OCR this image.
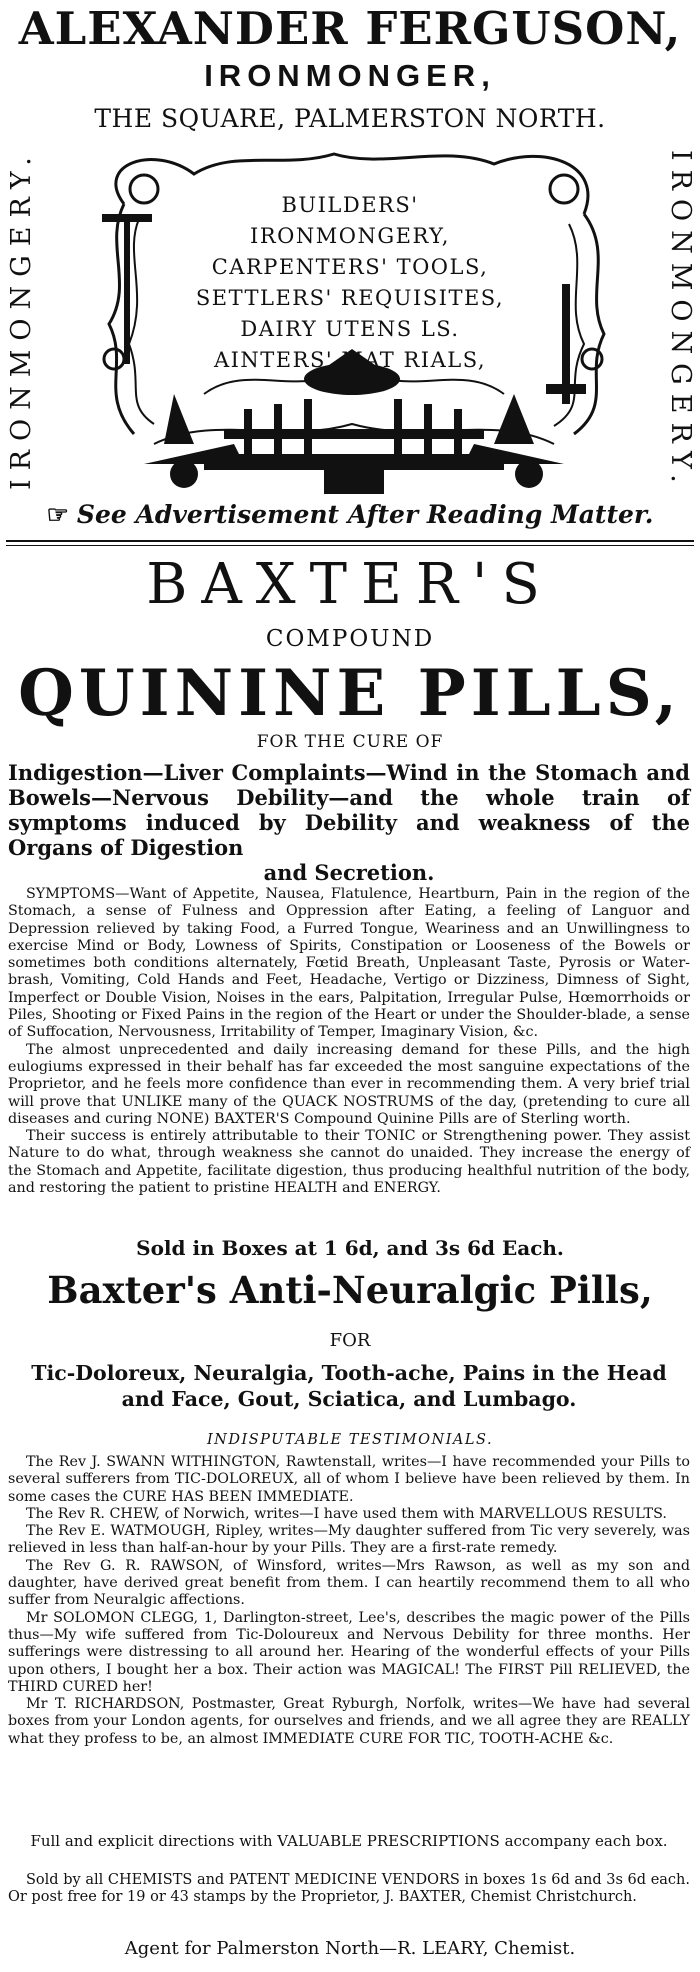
ALEXANDER FERGUSON,
IRONMONGER,
THE SQUARE, PALMERSTON NORTH.
IRONMONGERY.	IRONMONGERY.
BUILDERS' IRONMONGERY,
CARPENTERS' TOOLS,
SETTLERS' REQUISITES,
DAIRY UTENS LS.
AINTERS' MAT RIALS,
☞ See Advertisement After Reading Matter.
BAXTER'S
COMPOUND
QUININE PILLS,
FOR THE CURE OF
Indigestion—Liver Complaints—Wind in the Stomach and Bowels—Nervous Debility—and the whole train of symptoms induced by Debility and weakness of the Organs of Digestion
and Secretion.

SYMPTOMS—Want of Appetite, Nausea, Flatulence, Heartburn, Pain in the region of the Stomach, a sense of Fulness and Oppression after Eating, a feeling of Languor and Depression relieved by taking Food, a Furred Tongue, Weariness and an Unwillingness to exercise Mind or Body, Lowness of Spirits, Constipation or Looseness of the Bowels or sometimes both conditions alternately, Fœtid Breath, Unpleasant Taste, Pyrosis or Water-brash, Vomiting, Cold Hands and Feet, Headache, Vertigo or Dizziness, Dimness of Sight, Imperfect or Double Vision, Noises in the ears, Palpitation, Irregular Pulse, Hœmorrhoids or Piles, Shooting or Fixed Pains in the region of the Heart or under the Shoulder-blade, a sense of Suffocation, Nervousness, Irritability of Temper, Imaginary Vision, &c.

The almost unprecedented and daily increasing demand for these Pills, and the high eulogiums expressed in their behalf has far exceeded the most sanguine expectations of the Proprietor, and he feels more confidence than ever in recommending them. A very brief trial will prove that UNLIKE many of the QUACK NOSTRUMS of the day, (pretending to cure all diseases and curing NONE) BAXTER'S Compound Quinine Pills are of Sterling worth.

Their success is entirely attributable to their TONIC or Strengthening power. They assist Nature to do what, through weakness she cannot do unaided. They increase the energy of the Stomach and Appetite, facilitate digestion, thus producing healthful nutrition of the body, and restoring the patient to pristine HEALTH and ENERGY.

Sold in Boxes at 1 6d, and 3s 6d Each.
Baxter's Anti-Neuralgic Pills,
FOR
Tic-Doloreux, Neuralgia, Tooth-ache, Pains in the Head and Face, Gout, Sciatica, and Lumbago.
INDISPUTABLE TESTIMONIALS.

The Rev J. SWANN WITHINGTON, Rawtenstall, writes—I have recommended your Pills to several sufferers from TIC-DOLOREUX, all of whom I believe have been relieved by them. In some cases the CURE HAS BEEN IMMEDIATE.

The Rev R. CHEW, of Norwich, writes—I have used them with MARVELLOUS RESULTS.

The Rev E. WATMOUGH, Ripley, writes—My daughter suffered from Tic very severely, was relieved in less than half-an-hour by your Pills. They are a first-rate remedy.

The Rev G. R. RAWSON, of Winsford, writes—Mrs Rawson, as well as my son and daughter, have derived great benefit from them. I can heartily recommend them to all who suffer from Neuralgic affections.

Mr SOLOMON CLEGG, 1, Darlington-street, Lee's, describes the magic power of the Pills thus—My wife suffered from Tic-Doloureux and Nervous Debility for three months. Her sufferings were distressing to all around her. Hearing of the wonderful effects of your Pills upon others, I bought her a box. Their action was MAGICAL! The FIRST Pill RELIEVED, the THIRD CURED her!

Mr T. RICHARDSON, Postmaster, Great Ryburgh, Norfolk, writes—We have had several boxes from your London agents, for ourselves and friends, and we all agree they are REALLY what they profess to be, an almost IMMEDIATE CURE FOR TIC, TOOTH-ACHE &c.

Full and explicit directions with VALUABLE PRESCRIPTIONS accompany each box.

Sold by all CHEMISTS and PATENT MEDICINE VENDORS in boxes 1s 6d and 3s 6d each. Or post free for 19 or 43 stamps by the Proprietor, J. BAXTER, Chemist Christchurch.

Agent for Palmerston North—R. LEARY, Chemist.
